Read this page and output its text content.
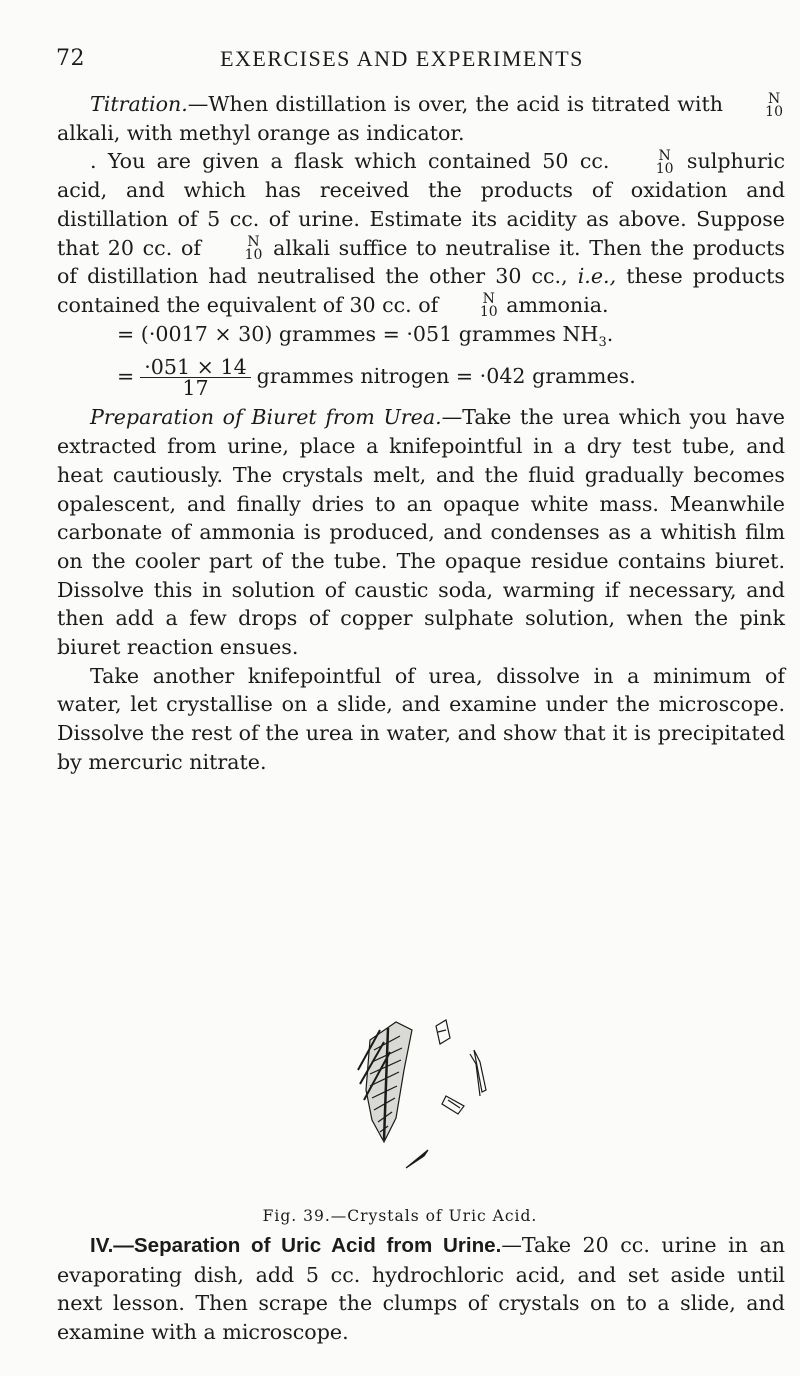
72	EXERCISES AND EXPERIMENTS

Titration.—When distillation is over, the acid is titrated with	N
10
alkali, with methyl orange as indicator.

. You are given a flask which contained 50 cc.	N
10 sulphuric acid, and which has received the products of oxidation and distillation of 5 cc. of urine. Estimate its acidity as above. Suppose that 20 cc. of	N
10 alkali suffice to neutralise it. Then the products of distillation had neutralised the other 30 cc., i.e., these products contained the equivalent of 30 cc. of	N
10 ammonia.

= (·0017 × 30) grammes = ·051 grammes $NH_3$.
= $\frac{\cdot 051 \times 14}{17}$ grammes nitrogen = ·042 grammes.

Preparation of Biuret from Urea.—Take the urea which you have extracted from urine, place a knifepointful in a dry test tube, and heat cautiously. The crystals melt, and the fluid gradually becomes opalescent, and finally dries to an opaque white mass. Meanwhile carbonate of ammonia is produced, and condenses as a whitish film on the cooler part of the tube. The opaque residue contains biuret. Dissolve this in solution of caustic soda, warming if necessary, and then add a few drops of copper sulphate solution, when the pink biuret reaction ensues.

Take another knifepointful of urea, dissolve in a minimum of water, let crystallise on a slide, and examine under the microscope. Dissolve the rest of the urea in water, and show that it is precipitated by mercuric nitrate.

Fig. 39.—Crystals of Uric Acid.

IV.—Separation of Uric Acid from Urine.—Take 20 cc. urine in an evaporating dish, add 5 cc. hydrochloric acid, and set aside until next lesson. Then scrape the clumps of crystals on to a slide, and examine with a microscope.
